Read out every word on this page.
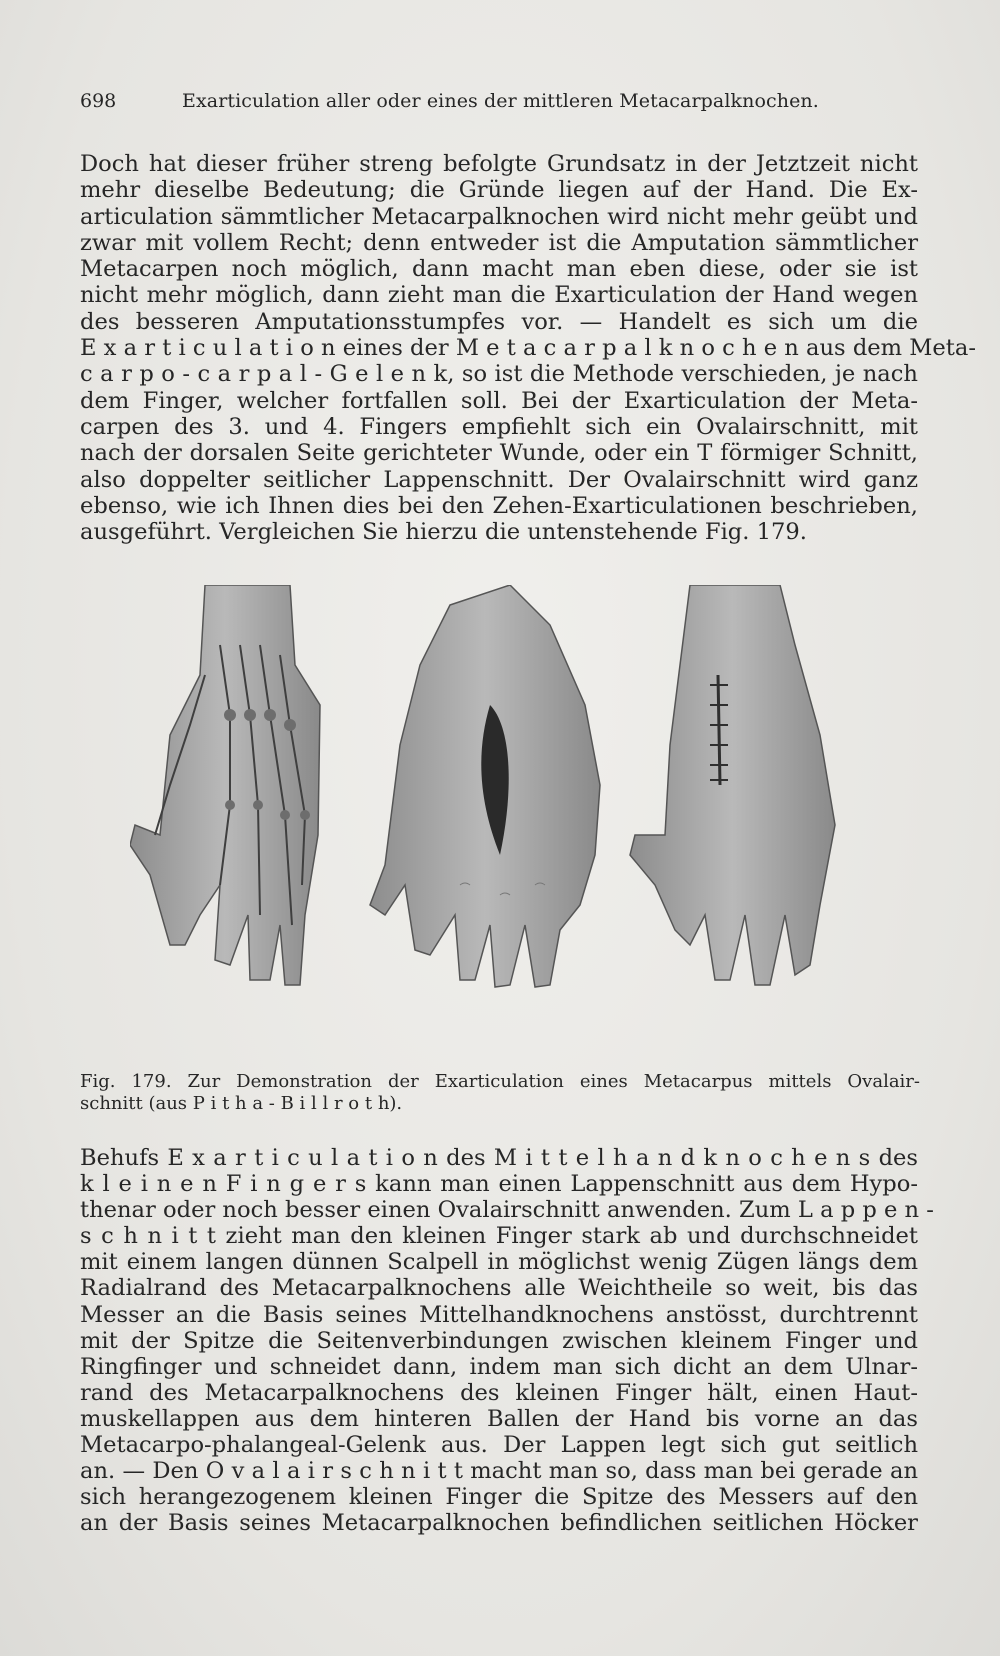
698	Exarticulation aller oder eines der mittleren Metacarpalknochen.
Doch hat dieser früher streng befolgte Grundsatz in der Jetztzeit nicht
mehr dieselbe Bedeutung; die Gründe liegen auf der Hand. Die Ex-
articulation sämmtlicher Metacarpalknochen wird nicht mehr geübt und
zwar mit vollem Recht; denn entweder ist die Amputation sämmtlicher
Metacarpen noch möglich, dann macht man eben diese, oder sie ist
nicht mehr möglich, dann zieht man die Exarticulation der Hand wegen
des besseren Amputationsstumpfes vor. — Handelt es sich um die
E x a r t i c u l a t i o n eines der M e t a c a r p a l k n o c h e n aus dem Meta-
c a r p o - c a r p a l - G e l e n k, so ist die Methode verschieden, je nach
dem Finger, welcher fortfallen soll. Bei der Exarticulation der Meta-
carpen des 3. und 4. Fingers empfiehlt sich ein Ovalairschnitt, mit
nach der dorsalen Seite gerichteter Wunde, oder ein T förmiger Schnitt,
also doppelter seitlicher Lappenschnitt. Der Ovalairschnitt wird ganz
ebenso, wie ich Ihnen dies bei den Zehen-Exarticulationen beschrieben,
ausgeführt. Vergleichen Sie hierzu die untenstehende Fig. 179.
Fig. 179. Zur Demonstration der Exarticulation eines Metacarpus mittels Ovalair-
schnitt (aus P i t h a - B i l l r o t h).
Behufs E x a r t i c u l a t i o n des M i t t e l h a n d k n o c h e n s des
k l e i n e n F i n g e r s kann man einen Lappenschnitt aus dem Hypo-
thenar oder noch besser einen Ovalairschnitt anwenden. Zum L a p p e n -
s c h n i t t zieht man den kleinen Finger stark ab und durchschneidet
mit einem langen dünnen Scalpell in möglichst wenig Zügen längs dem
Radialrand des Metacarpalknochens alle Weichtheile so weit, bis das
Messer an die Basis seines Mittelhandknochens anstösst, durchtrennt
mit der Spitze die Seitenverbindungen zwischen kleinem Finger und
Ringfinger und schneidet dann, indem man sich dicht an dem Ulnar-
rand des Metacarpalknochens des kleinen Finger hält, einen Haut-
muskellappen aus dem hinteren Ballen der Hand bis vorne an das
Metacarpo-phalangeal-Gelenk aus. Der Lappen legt sich gut seitlich
an. — Den O v a l a i r s c h n i t t macht man so, dass man bei gerade an
sich herangezogenem kleinen Finger die Spitze des Messers auf den
an der Basis seines Metacarpalknochen befindlichen seitlichen Höcker
